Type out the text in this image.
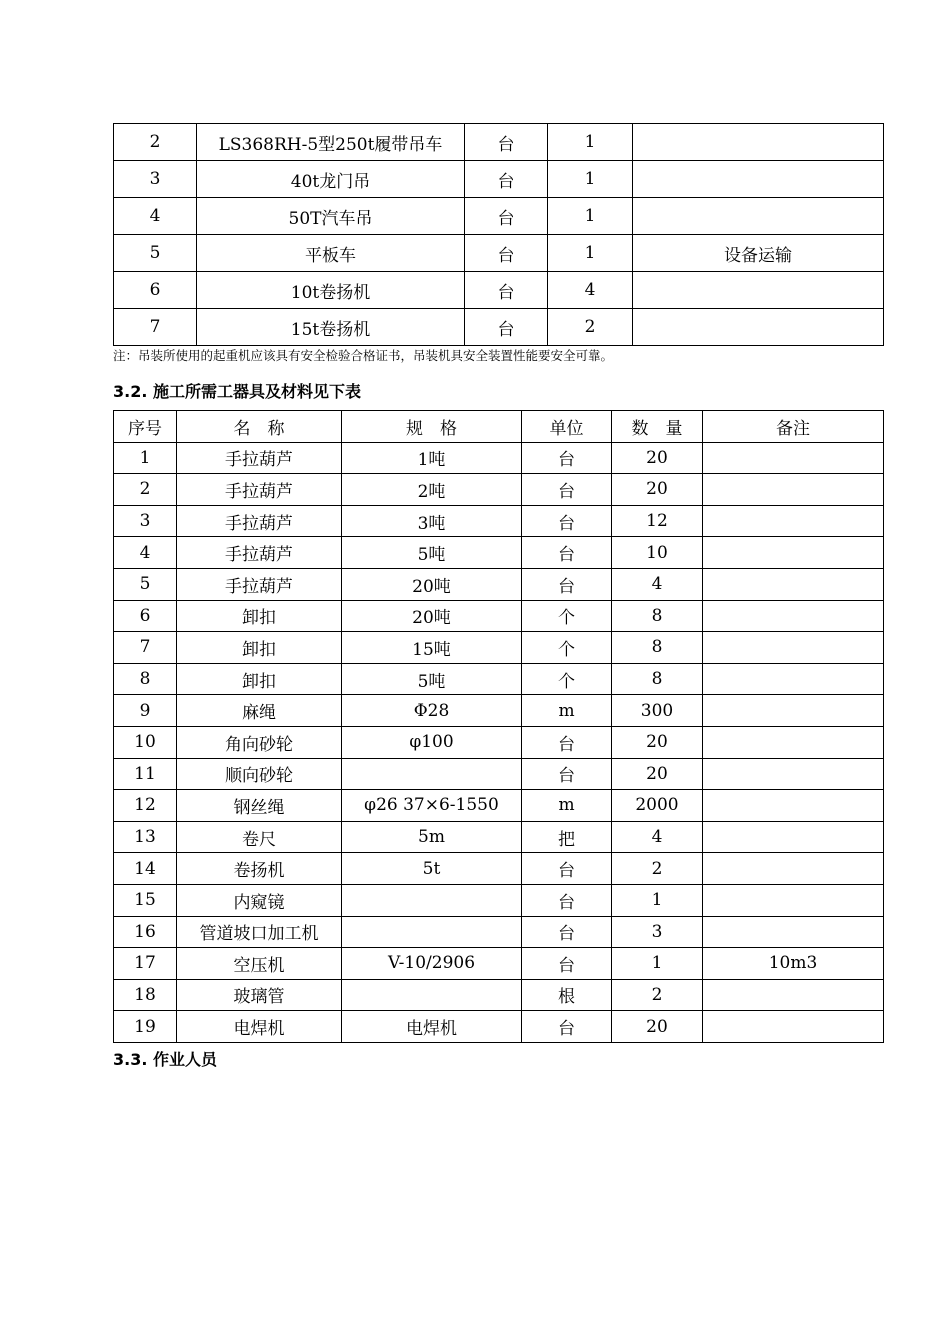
2	LS368RH-5型250t履带吊车	台	1	
3	40t龙门吊	台	1	
4	50T汽车吊	台	1	
5	平板车	台	1	设备运输
6	10t卷扬机	台	4	
7	15t卷扬机	台	2	
注：吊装所使用的起重机应该具有安全检验合格证书，吊装机具安全装置性能要安全可靠。
3.2. 施工所需工器具及材料见下表
序号	名　称	规　格	单位	数　量	备注
1	手拉葫芦	1吨	台	20	
2	手拉葫芦	2吨	台	20	
3	手拉葫芦	3吨	台	12	
4	手拉葫芦	5吨	台	10	
5	手拉葫芦	20吨	台	4	
6	卸扣	20吨	个	8	
7	卸扣	15吨	个	8	
8	卸扣	5吨	个	8	
9	麻绳	Φ28	m	300	
10	角向砂轮	φ100	台	20	
11	顺向砂轮		台	20	
12	钢丝绳	φ26 37×6-1550	m	2000	
13	卷尺	5m	把	4	
14	卷扬机	5t	台	2	
15	内窥镜		台	1	
16	管道坡口加工机		台	3	
17	空压机	V-10/2906	台	1	10m3
18	玻璃管		根	2	
19	电焊机	电焊机	台	20	
3.3. 作业人员
